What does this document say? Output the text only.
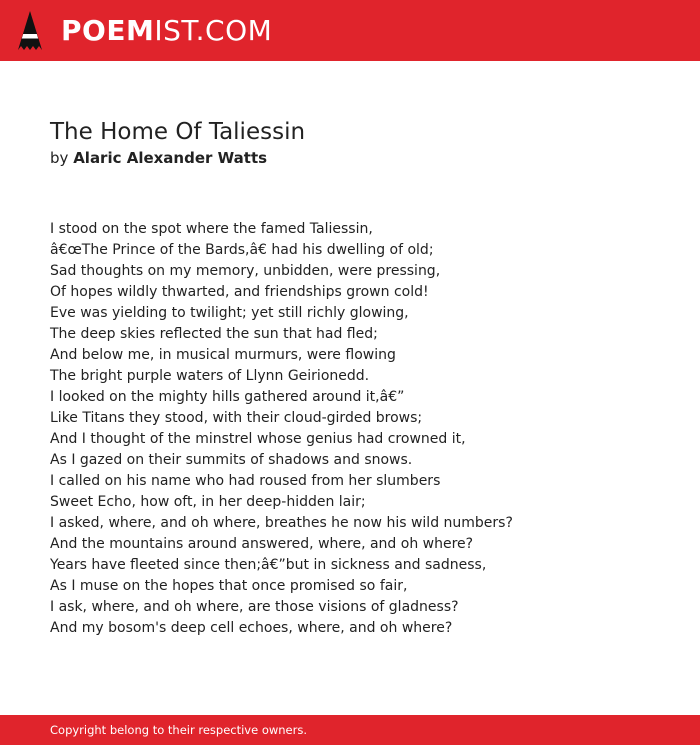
POEMIST.COM
The Home Of Taliessin
by Alaric Alexander Watts
I stood on the spot where the famed Taliessin,
â€œThe Prince of the Bards,â€ had his dwelling of old;
Sad thoughts on my memory, unbidden, were pressing,
Of hopes wildly thwarted, and friendships grown cold!
Eve was yielding to twilight; yet still richly glowing,
The deep skies reflected the sun that had fled;
And below me, in musical murmurs, were flowing
The bright purple waters of Llynn Geirionedd.
I looked on the mighty hills gathered around it,â€”
Like Titans they stood, with their cloud-girded brows;
And I thought of the minstrel whose genius had crowned it,
As I gazed on their summits of shadows and snows.
I called on his name who had roused from her slumbers
Sweet Echo, how oft, in her deep-hidden lair;
I asked, where, and oh where, breathes he now his wild numbers?
And the mountains around answered, where, and oh where?
Years have fleeted since then;â€”but in sickness and sadness,
As I muse on the hopes that once promised so fair,
I ask, where, and oh where, are those visions of gladness?
And my bosom's deep cell echoes, where, and oh where?
Copyright belong to their respective owners.
